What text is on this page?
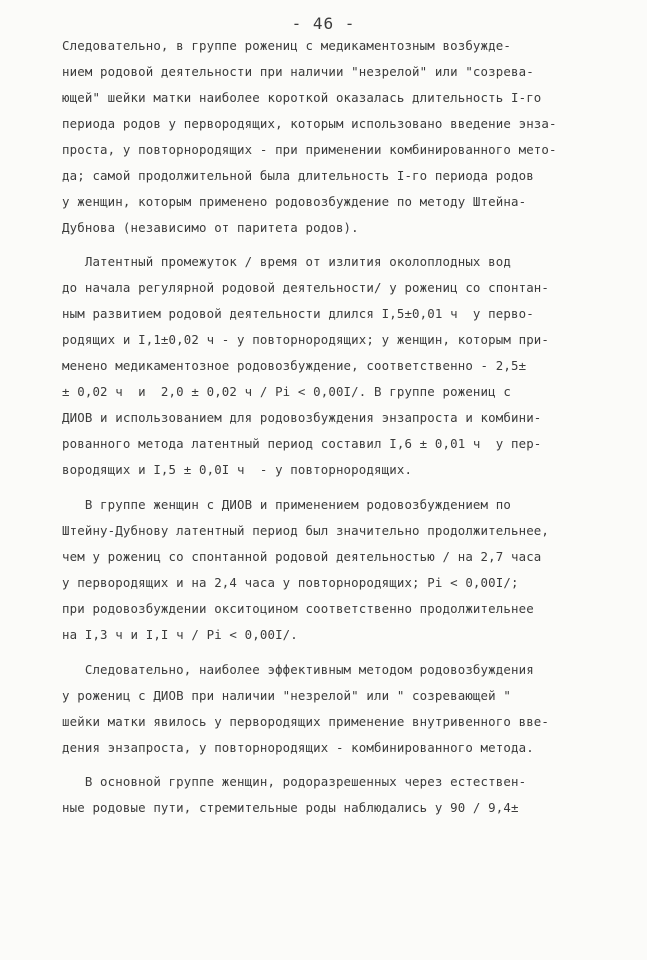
- 46 -
Следовательно, в группе рожениц с медикаментозным возбужде-
нием родовой деятельности при наличии "незрелой" или "созрева-
ющей" шейки матки наиболее короткой оказалась длительность I-го
периода родов у первородящих, которым использовано введение энза-
проста, у повторнородящих - при применении комбинированного мето-
да; самой продолжительной была длительность I-го периода родов
у женщин, которым применено родовозбуждение по методу Штейна-
Дубнова (независимо от паритета родов).
Латентный промежуток / время от излития околоплодных вод
до начала регулярной родовой деятельности/ у рожениц со спонтан-
ным развитием родовой деятельности длился I,5±0,01 ч  у перво-
родящих и I,1±0,02 ч - у повторнородящих; у женщин, которым при-
менено медикаментозное родовозбуждение, соответственно - 2,5±
± 0,02 ч  и  2,0 ± 0,02 ч / Pi < 0,00I/. В группе рожениц с
ДИОВ и использованием для родовозбуждения энзапроста и комбини-
рованного метода латентный период составил I,6 ± 0,01 ч  у пер-
вородящих и I,5 ± 0,0I ч  - у повторнородящих.
В группе женщин с ДИОВ и применением родовозбуждением по
Штейну-Дубнову латентный период был значительно продолжительнее,
чем у рожениц со спонтанной родовой деятельностью / на 2,7 часа
у первородящих и на 2,4 часа у повторнородящих; Pi < 0,00I/;
при родовозбуждении окситоцином соответственно продолжительнее
на I,3 ч и I,I ч / Pi < 0,00I/.
Следовательно, наиболее эффективным методом родовозбуждения
у рожениц с ДИОВ при наличии "незрелой" или " созревающей "
шейки матки явилось у первородящих применение внутривенного вве-
дения энзапроста, у повторнородящих - комбинированного метода.
В основной группе женщин, родоразрешенных через естествен-
ные родовые пути, стремительные роды наблюдались у 90 / 9,4±
